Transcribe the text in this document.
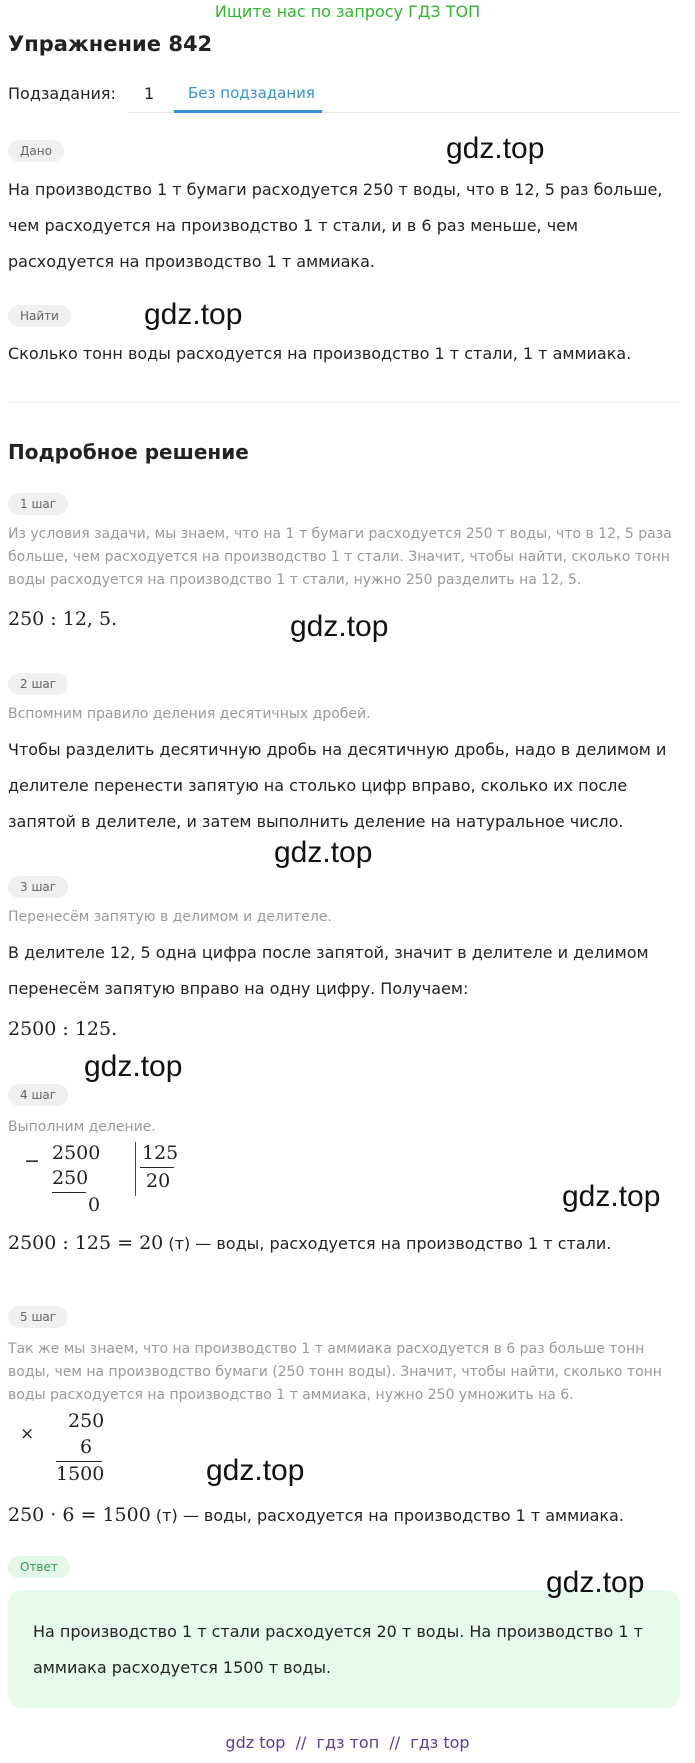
Ищите нас по запросу ГДЗ ТОП
Упражнение 842
Подзадания: 1 Без подзадания
Дано	gdz.top
На производство 1 т бумаги расходуется 250 т воды, что в 12, 5 раз больше,
чем расходуется на производство 1 т стали, и в 6 раз меньше, чем
расходуется на производство 1 т аммиака.
Найти	gdz.top
Сколько тонн воды расходуется на производство 1 т стали, 1 т аммиака.
Подробное решение
1 шаг
Из условия задачи, мы знаем, что на 1 т бумаги расходуется 250 т воды, что в 12, 5 раза
больше, чем расходуется на производство 1 т стали. Значит, чтобы найти, сколько тонн
воды расходуется на производство 1 т стали, нужно 250 разделить на 12, 5.
250 : 12, 5.	gdz.top
2 шаг
Вспомним правило деления десятичных дробей.
Чтобы разделить десятичную дробь на десятичную дробь, надо в делимом и
делителе перенести запятую на столько цифр вправо, сколько их после
запятой в делителе, и затем выполнить деление на натуральное число.
gdz.top
3 шаг
Перенесём запятую в делимом и делителе.
В делителе 12, 5 одна цифра после запятой, значит в делителе и делимом
перенесём запятую вправо на одну цифру. Получаем:
2500 : 125.
gdz.top
4 шаг
Выполним деление.
− 2500
250
0
125
20	gdz.top
2500 : 125 = 20 (т) — воды, расходуется на производство 1 т стали.
5 шаг
Так же мы знаем, что на производство 1 т аммиака расходуется в 6 раз больше тонн
воды, чем на производство бумаги (250 тонн воды). Значит, чтобы найти, сколько тонн
воды расходуется на производство 1 т аммиака, нужно 250 умножить на 6.
×
250
6
1500	gdz.top
250 · 6 = 1500 (т) — воды, расходуется на производство 1 т аммиака.
Ответ	gdz.top
На производство 1 т стали расходуется 20 т воды. На производство 1 т
аммиака расходуется 1500 т воды.
gdz top  //  гдз топ  //  гдз top
